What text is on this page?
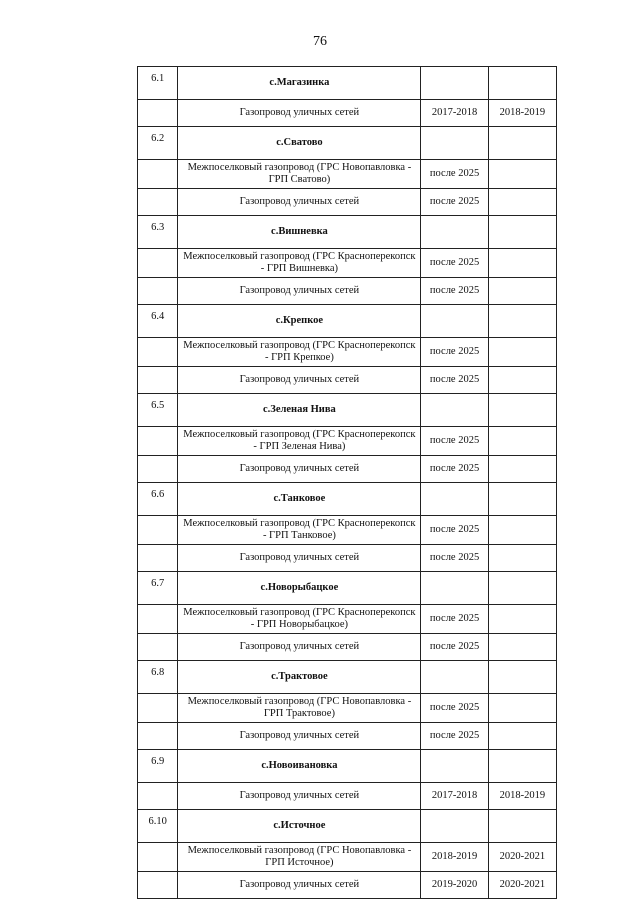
76
6.1	с.Магазинка		
	Газопровод уличных сетей	2017-2018	2018-2019
6.2	с.Сватово		
	Межпоселковый газопровод (ГРС Новопавловка - ГРП Сватово)	после 2025	
	Газопровод уличных сетей	после 2025	
6.3	с.Вишневка		
	Межпоселковый газопровод (ГРС Красноперекопск - ГРП Вишневка)	после 2025	
	Газопровод уличных сетей	после 2025	
6.4	с.Крепкое		
	Межпоселковый газопровод (ГРС Красноперекопск - ГРП Крепкое)	после 2025	
	Газопровод уличных сетей	после 2025	
6.5	с.Зеленая Нива		
	Межпоселковый газопровод (ГРС Красноперекопск - ГРП Зеленая Нива)	после 2025	
	Газопровод уличных сетей	после 2025	
6.6	с.Танковое		
	Межпоселковый газопровод (ГРС Красноперекопск - ГРП Танковое)	после 2025	
	Газопровод уличных сетей	после 2025	
6.7	с.Новорыбацкое		
	Межпоселковый газопровод (ГРС Красноперекопск - ГРП Новорыбацкое)	после 2025	
	Газопровод уличных сетей	после 2025	
6.8	с.Трактовое		
	Межпоселковый газопровод (ГРС Новопавловка - ГРП Трактовое)	после 2025	
	Газопровод уличных сетей	после 2025	
6.9	с.Новоивановка		
	Газопровод уличных сетей	2017-2018	2018-2019
6.10	с.Источное		
	Межпоселковый газопровод (ГРС Новопавловка - ГРП Источное)	2018-2019	2020-2021
	Газопровод уличных сетей	2019-2020	2020-2021
